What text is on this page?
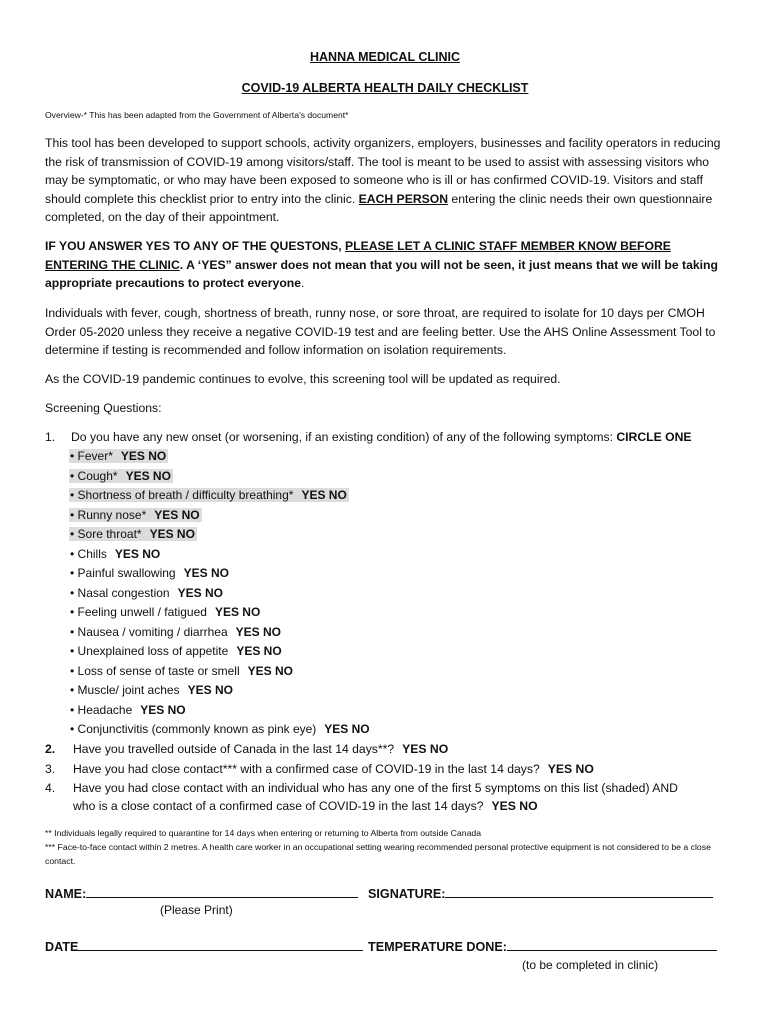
HANNA MEDICAL CLINIC
COVID-19 ALBERTA HEALTH DAILY CHECKLIST
Overview-* This has been adapted from the Government of Alberta’s document*
This tool has been developed to support schools, activity organizers, employers, businesses and facility operators in reducing the risk of transmission of COVID-19 among visitors/staff. The tool is meant to be used to assist with assessing visitors who may be symptomatic, or who may have been exposed to someone who is ill or has confirmed COVID-19. Visitors and staff should complete this checklist prior to entry into the clinic. EACH PERSON entering the clinic needs their own questionnaire completed, on the day of their appointment.
IF YOU ANSWER YES TO ANY OF THE QUESTONS, PLEASE LET A CLINIC STAFF MEMBER KNOW BEFORE ENTERING THE CLINIC. A ‘YES” answer does not mean that you will not be seen, it just means that we will be taking appropriate precautions to protect everyone.
Individuals with fever, cough, shortness of breath, runny nose, or sore throat, are required to isolate for 10 days per CMOH Order 05-2020 unless they receive a negative COVID-19 test and are feeling better. Use the AHS Online Assessment Tool to determine if testing is recommended and follow information on isolation requirements.
As the COVID-19 pandemic continues to evolve, this screening tool will be updated as required.
Screening Questions:
1. Do you have any new onset (or worsening, if an existing condition) of any of the following symptoms: CIRCLE ONE
• Fever* YES NO
• Cough* YES NO
• Shortness of breath / difficulty breathing* YES NO
• Runny nose* YES NO
• Sore throat* YES NO
• Chills YES NO
• Painful swallowing YES NO
• Nasal congestion YES NO
• Feeling unwell / fatigued YES NO
• Nausea / vomiting / diarrhea YES NO
• Unexplained loss of appetite YES NO
• Loss of sense of taste or smell YES NO
• Muscle/ joint aches YES NO
• Headache YES NO
• Conjunctivitis (commonly known as pink eye) YES NO
2. Have you travelled outside of Canada in the last 14 days**? YES NO
3. Have you had close contact*** with a confirmed case of COVID-19 in the last 14 days? YES NO
4. Have you had close contact with an individual who has any one of the first 5 symptoms on this list (shaded) AND
who is a close contact of a confirmed case of COVID-19 in the last 14 days? YES NO
** Individuals legally required to quarantine for 14 days when entering or returning to Alberta from outside Canada
*** Face-to-face contact within 2 metres. A health care worker in an occupational setting wearing recommended personal protective equipment is not considered to be a close contact.
NAME:	SIGNATURE:
(Please Print)
DATE	TEMPERATURE DONE:
(to be completed in clinic)
